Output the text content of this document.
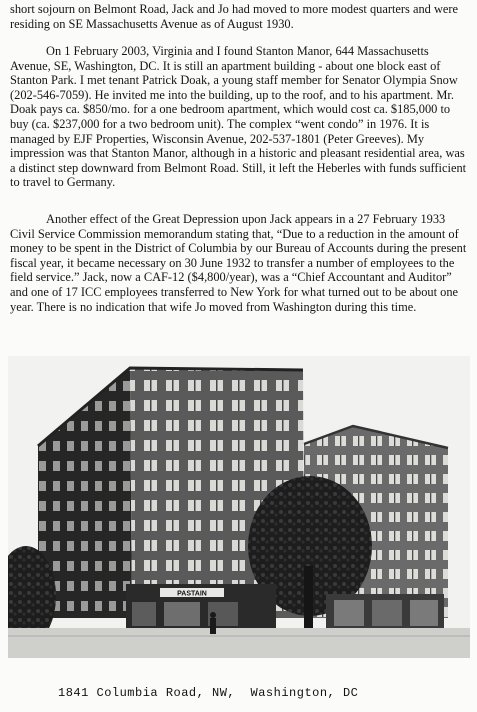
short sojourn on Belmont Road, Jack and Jo had moved to more modest quarters and were residing on SE Massachusetts Avenue as of August 1930.

On 1 February 2003, Virginia and I found Stanton Manor, 644 Massachusetts Avenue, SE, Washington, DC. It is still an apartment building - about one block east of Stanton Park. I met tenant Patrick Doak, a young staff member for Senator Olympia Snow (202-546-7059). He invited me into the building, up to the roof, and to his apartment. Mr. Doak pays ca. $850/mo. for a one bedroom apartment, which would cost ca. $185,000 to buy (ca. $237,000 for a two bedroom unit). The complex “went condo” in 1976. It is managed by EJF Properties, Wisconsin Avenue, 202-537-1801 (Peter Greeves). My impression was that Stanton Manor, although in a historic and pleasant residential area, was a distinct step downward from Belmont Road. Still, it left the Heberles with funds sufficient to travel to Germany.

Another effect of the Great Depression upon Jack appears in a 27 February 1933 Civil Service Commission memorandum stating that, “Due to a reduction in the amount of money to be spent in the District of Columbia by our Bureau of Accounts during the present fiscal year, it became necessary on 30 June 1932 to transfer a number of employees to the field service.” Jack, now a CAF-12 ($4,800/year), was a “Chief Accountant and Auditor” and one of 17 ICC employees transferred to New York for what turned out to be about one year. There is no indication that wife Jo moved from Washington during this time.

PASTAIN
1841 Columbia Road, NW,  Washington, DC
